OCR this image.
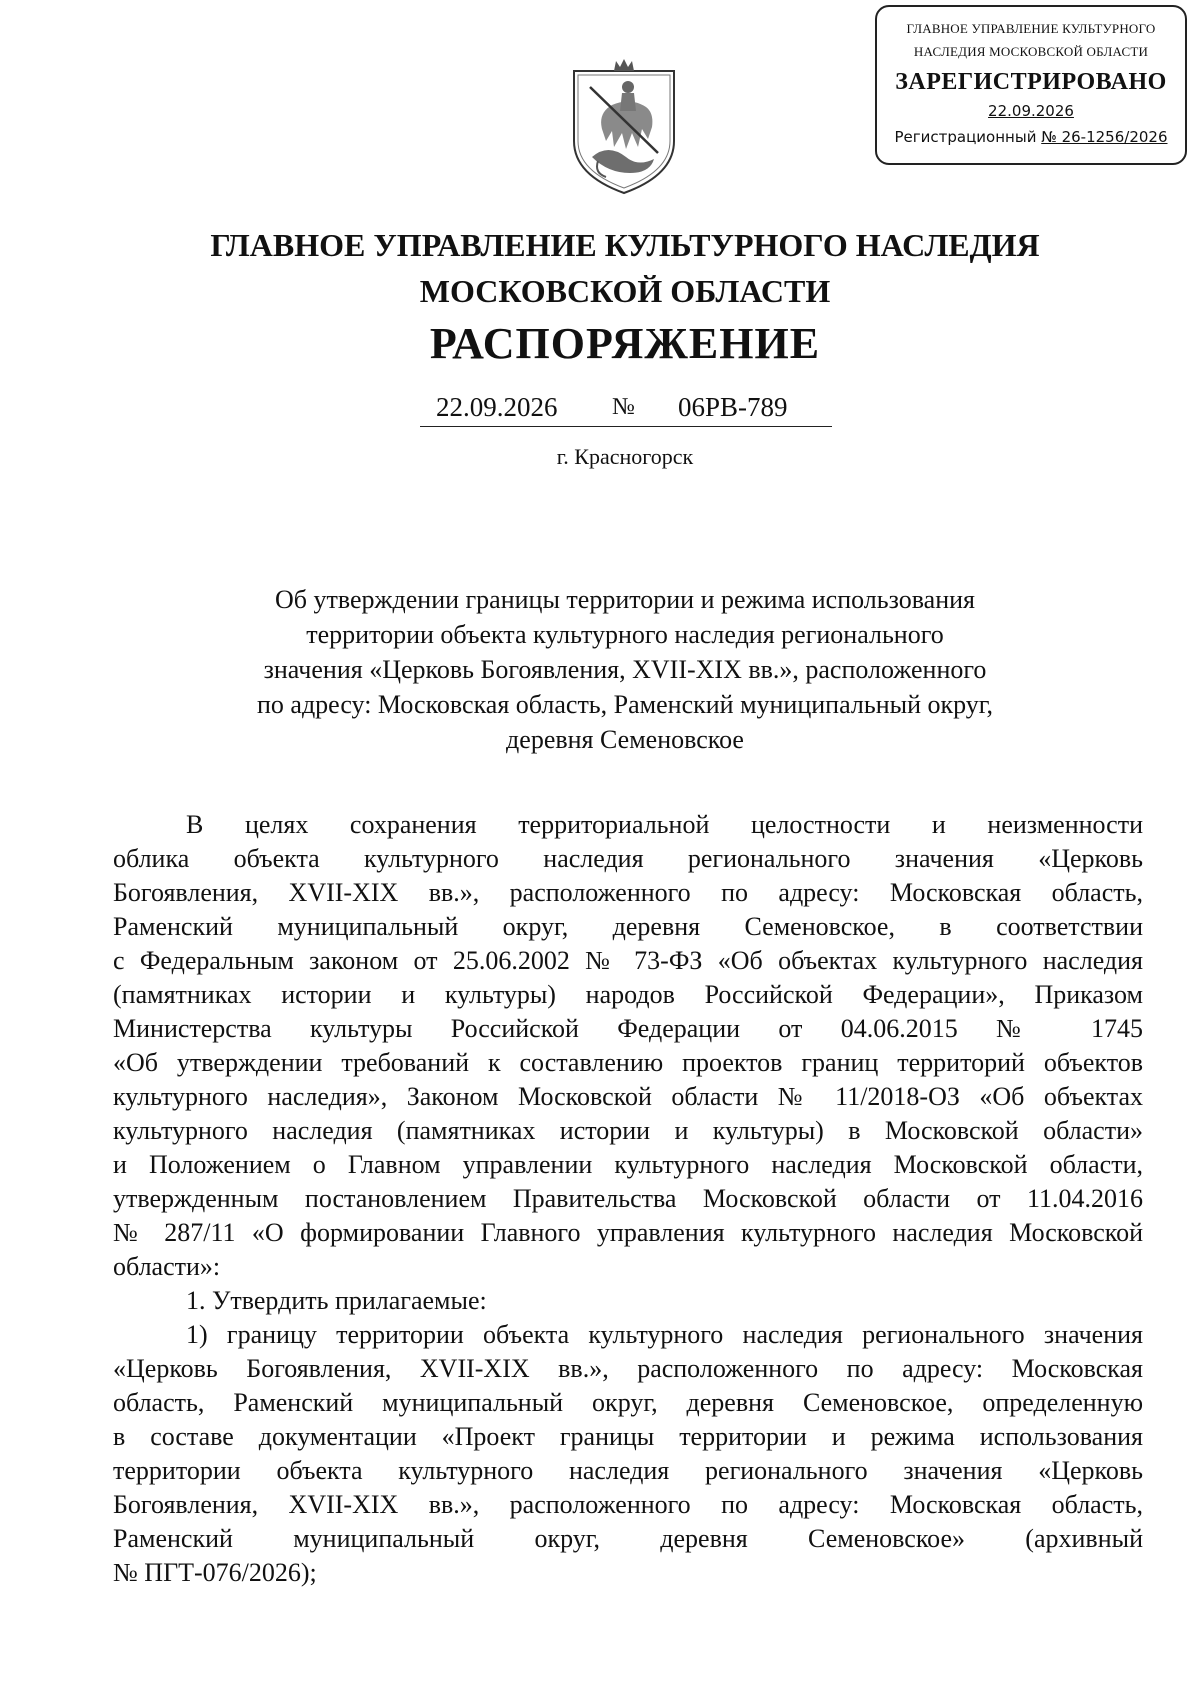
ГЛАВНОЕ УПРАВЛЕНИЕ КУЛЬТУРНОГО
НАСЛЕДИЯ МОСКОВСКОЙ ОБЛАСТИ
ЗАРЕГИСТРИРОВАНО
22.09.2026
Регистрационный № 26-1256/2026
ГЛАВНОЕ УПРАВЛЕНИЕ КУЛЬТУРНОГО НАСЛЕДИЯ
МОСКОВСКОЙ ОБЛАСТИ
РАСПОРЯЖЕНИЕ
22.09.2026 № 06РВ-789
г. Красногорск
Об утверждении границы территории и режима использования
территории объекта культурного наследия регионального
значения «Церковь Богоявления, XVII-XIX вв.», расположенного
по адресу: Московская область, Раменский муниципальный округ,
деревня Семеновское

В целях сохранения территориальной целостности и неизменности

облика объекта культурного наследия регионального значения «Церковь

Богоявления, XVII-XIX вв.», расположенного по адресу: Московская область,

Раменский муниципальный округ, деревня Семеновское, в соответствии

с Федеральным законом от 25.06.2002 № 73-ФЗ «Об объектах культурного наследия

(памятниках истории и культуры) народов Российской Федерации», Приказом

Министерства культуры Российской Федерации от 04.06.2015 № 1745

«Об утверждении требований к составлению проектов границ территорий объектов

культурного наследия», Законом Московской области № 11/2018-ОЗ «Об объектах

культурного наследия (памятниках истории и культуры) в Московской области»

и Положением о Главном управлении культурного наследия Московской области,

утвержденным постановлением Правительства Московской области от 11.04.2016

№ 287/11 «О формировании Главного управления культурного наследия Московской

области»:

1. Утвердить прилагаемые:

1) границу территории объекта культурного наследия регионального значения

«Церковь Богоявления, XVII-XIX вв.», расположенного по адресу: Московская

область, Раменский муниципальный округ, деревня Семеновское, определенную

в составе документации «Проект границы территории и режима использования

территории объекта культурного наследия регионального значения «Церковь

Богоявления, XVII-XIX вв.», расположенного по адресу: Московская область,

Раменский муниципальный округ, деревня Семеновское» (архивный

№ ПГТ-076/2026);
